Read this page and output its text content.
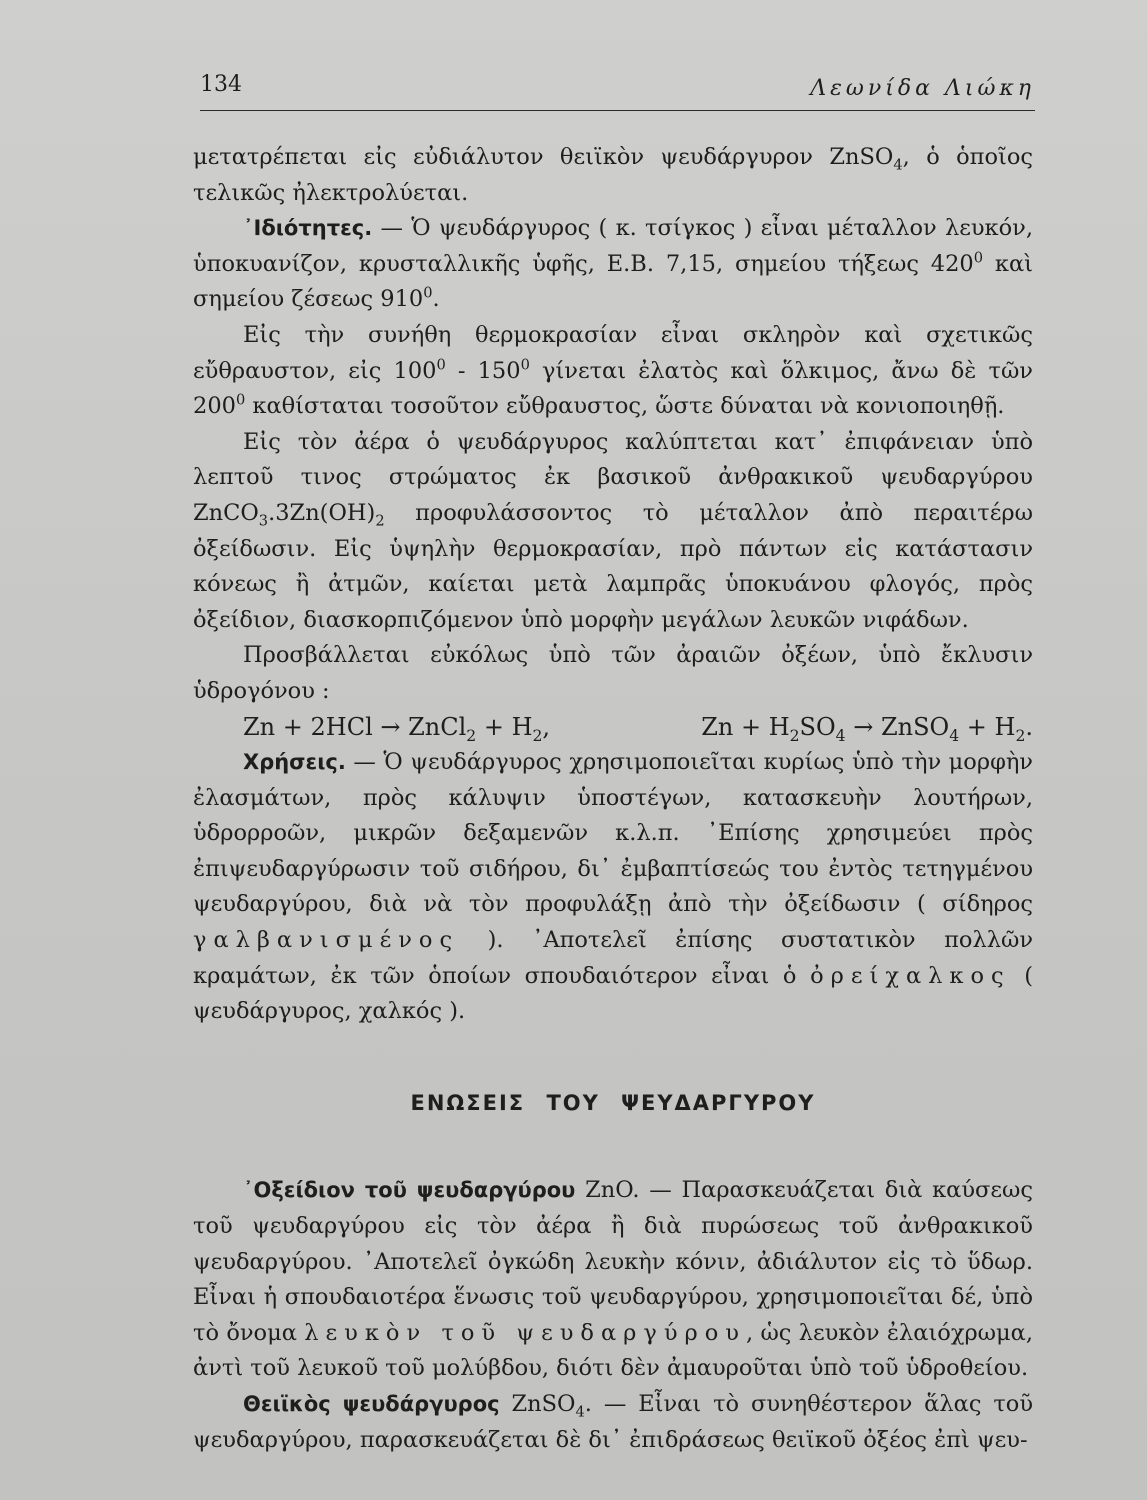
134	Λεωνίδα Λιώκη

μετατρέπεται εἰς εὐδιάλυτον θειϊκὸν ψευδάργυρον ZnSO$_4$, ὁ ὁποῖος τελικῶς ἠλεκτρολύεται.

᾿Ιδιότητες. — Ὁ ψευδάργυρος ( κ. τσίγκος ) εἶναι μέταλλον λευκόν, ὑποκυανίζον, κρυσταλλικῆς ὑφῆς, Ε.Β. 7,15, σημείου τήξεως $420^0$ καὶ σημείου ζέσεως $910^0$.

Εἰς τὴν συνήθη θερμοκρασίαν εἶναι σκληρὸν καὶ σχετικῶς εὔθραυστον, εἰς $100^0 - 150^0$ γίνεται ἐλατὸς καὶ ὅλκιμος, ἄνω δὲ τῶν $200^0$ καθίσταται τοσοῦτον εὔθραυστος, ὥστε δύναται νὰ κονιοποιηθῇ.

Εἰς τὸν ἀέρα ὁ ψευδάργυρος καλύπτεται κατ᾿ ἐπιφάνειαν ὑπὸ λεπτοῦ τινος στρώματος ἐκ βασικοῦ ἀνθρακικοῦ ψευδαργύρου $ZnCO_3.3Zn(OH)_2$ προφυλάσσοντος τὸ μέταλλον ἀπὸ περαιτέρω ὀξείδωσιν. Εἰς ὑψηλὴν θερμοκρασίαν, πρὸ πάντων εἰς κατάστασιν κόνεως ἢ ἀτμῶν, καίεται μετὰ λαμπρᾶς ὑποκυάνου φλογός, πρὸς ὀξείδιον, διασκορπιζόμενον ὑπὸ μορφὴν μεγάλων λευκῶν νιφάδων.

Προσβάλλεται εὐκόλως ὑπὸ τῶν ἀραιῶν ὀξέων, ὑπὸ ἔκλυσιν ὑδρογόνου :

Zn + 2HCl → ZnCl$_2$ + $H_2$,	$Zn + H_2SO_4$ → ZnSO$_4$ + $H_2$.

Χρήσεις. — Ὁ ψευδάργυρος χρησιμοποιεῖται κυρίως ὑπὸ τὴν μορφὴν ἐλασμάτων, πρὸς κάλυψιν ὑποστέγων, κατασκευὴν λουτήρων, ὑδρορροῶν, μικρῶν δεξαμενῶν κ.λ.π. ᾿Επίσης χρησιμεύει πρὸς ἐπιψευδαργύρωσιν τοῦ σιδήρου, δι᾿ ἐμβαπτίσεώς του ἐντὸς τετηγμένου ψευδαργύρου, διὰ νὰ τὸν προφυλάξῃ ἀπὸ τὴν ὀξείδωσιν ( σίδηρος γαλβανισμένος ). ᾿Αποτελεῖ ἐπίσης συστατικὸν πολλῶν κραμάτων, ἐκ τῶν ὁποίων σπουδαιότερον εἶναι ὁ ὀρείχαλκος ( ψευδάργυρος, χαλκός ).

ΕΝΩΣΕΙΣ ΤΟΥ ΨΕΥΔΑΡΓΥΡΟΥ

᾿Οξείδιον τοῦ ψευδαργύρου ZnO. — Παρασκευάζεται διὰ καύσεως τοῦ ψευδαργύρου εἰς τὸν ἀέρα ἢ διὰ πυρώσεως τοῦ ἀνθρακικοῦ ψευδαργύρου. ᾿Αποτελεῖ ὀγκώδη λευκὴν κόνιν, ἀδιάλυτον εἰς τὸ ὕδωρ. Εἶναι ἡ σπουδαιοτέρα ἕνωσις τοῦ ψευδαργύρου, χρησιμοποιεῖται δέ, ὑπὸ τὸ ὄνομα λευκὸν τοῦ ψευδαργύρου, ὡς λευκὸν ἐλαιόχρωμα, ἀντὶ τοῦ λευκοῦ τοῦ μολύβδου, διότι δὲν ἀμαυροῦται ὑπὸ τοῦ ὑδροθείου.

Θειϊκὸς ψευδάργυρος ZnSO$_4$. — Εἶναι τὸ συνηθέστερον ἅλας τοῦ ψευδαργύρου, παρασκευάζεται δὲ δι᾿ ἐπιδράσεως θειϊκοῦ ὀξέος ἐπὶ ψευ-
